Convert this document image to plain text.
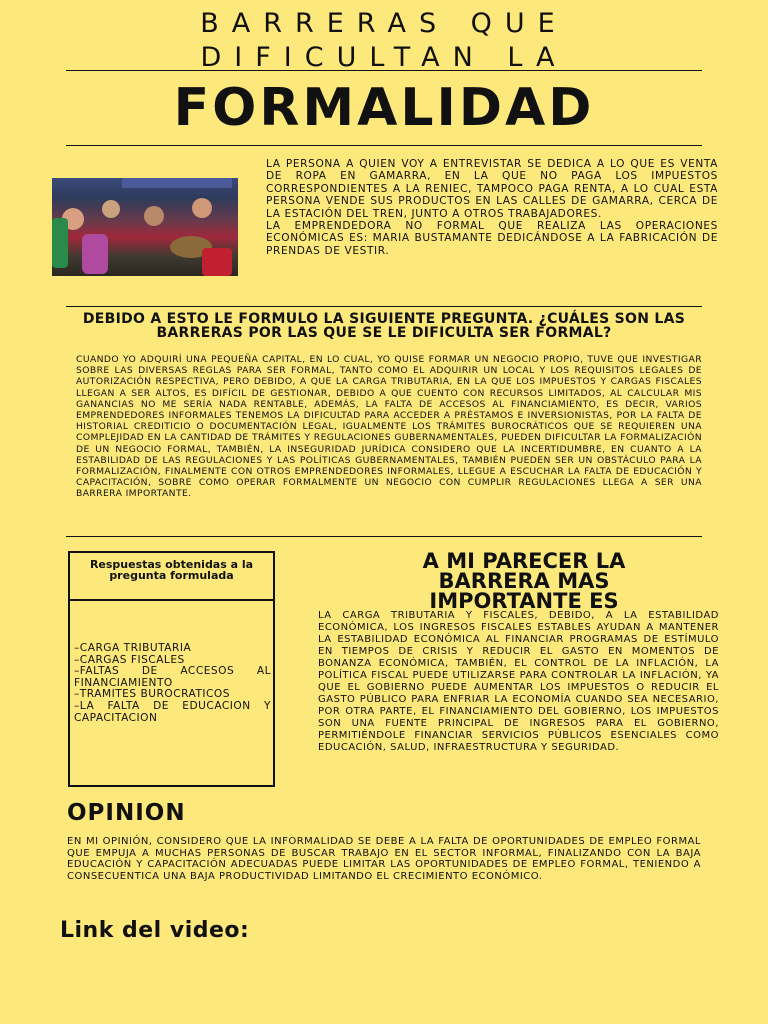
BARRERAS QUE
DIFICULTAN LA
FORMALIDAD

LA PERSONA A QUIEN VOY A ENTREVISTAR SE DEDICA A LO QUE ES VENTA DE ROPA EN GAMARRA, EN LA QUE NO PAGA LOS IMPUESTOS CORRESPONDIENTES A LA RENIEC, TAMPOCO PAGA RENTA, A LO CUAL ESTA PERSONA VENDE SUS PRODUCTOS EN LAS CALLES DE GAMARRA, CERCA DE LA ESTACIÓN DEL TREN, JUNTO A OTROS TRABAJADORES.

LA EMPRENDEDORA NO FORMAL QUE REALIZA LAS OPERACIONES ECONÓMICAS ES: MARIA BUSTAMANTE DEDICÁNDOSE A LA FABRICACIÓN DE PRENDAS DE VESTIR.

DEBIDO A ESTO LE FORMULO LA SIGUIENTE PREGUNTA. ¿CUÁLES SON LAS BARRERAS POR LAS QUE SE LE DIFICULTA SER FORMAL?
CUANDO YO ADQUIRÍ UNA PEQUEÑA CAPITAL, EN LO CUAL, YO QUISE FORMAR UN NEGOCIO PROPIO, TUVE QUE INVESTIGAR SOBRE LAS DIVERSAS REGLAS PARA SER FORMAL, TANTO COMO EL ADQUIRIR UN LOCAL Y LOS REQUISITOS LEGALES DE AUTORIZACIÓN RESPECTIVA, PERO DEBIDO, A QUE LA CARGA TRIBUTARIA, EN LA QUE LOS IMPUESTOS Y CARGAS FISCALES LLEGAN A SER ALTOS, ES DIFÍCIL DE GESTIONAR, DEBIDO A QUE CUENTO CON RECURSOS LIMITADOS, AL CALCULAR MIS GANANCIAS NO ME SERÍA NADA RENTABLE, ADEMÁS, LA FALTA DE ACCESOS AL FINANCIAMIENTO, ES DECIR, VARIOS EMPRENDEDORES INFORMALES TENEMOS LA DIFICULTAD PARA ACCEDER A PRÉSTAMOS E INVERSIONISTAS, POR LA FALTA DE HISTORIAL CREDITICIO O DOCUMENTACIÓN LEGAL, IGUALMENTE LOS TRÁMITES BUROCRÁTICOS QUE SE REQUIEREN UNA COMPLEJIDAD EN LA CANTIDAD DE TRÁMITES Y REGULACIONES GUBERNAMENTALES, PUEDEN DIFICULTAR LA FORMALIZACIÓN DE UN NEGOCIO FORMAL, TAMBIÉN, LA INSEGURIDAD JURÍDICA CONSIDERO QUE LA INCERTIDUMBRE, EN CUANTO A LA ESTABILIDAD DE LAS REGULACIONES Y LAS POLÍTICAS GUBERNAMENTALES, TAMBIÉN PUEDEN SER UN OBSTÁCULO PARA LA FORMALIZACIÓN, FINALMENTE CON OTROS EMPRENDEDORES INFORMALES, LLEGUE A ESCUCHAR LA FALTA DE EDUCACIÓN Y CAPACITACIÓN, SOBRE COMO OPERAR FORMALMENTE UN NEGOCIO CON CUMPLIR REGULACIONES LLEGA A SER UNA BARRERA IMPORTANTE.
Respuestas obtenidas a la pregunta formulada
–CARGA TRIBUTARIA
–CARGAS FISCALES
–FALTAS DE ACCESOS AL FINANCIAMIENTO
–TRAMITES BUROCRATICOS
–LA FALTA DE EDUCACION Y CAPACITACION
A MI PARECER LA BARRERA MAS IMPORTANTE ES
LA CARGA TRIBUTARIA Y FISCALES, DEBIDO, A LA ESTABILIDAD ECONÓMICA, LOS INGRESOS FISCALES ESTABLES AYUDAN A MANTENER LA ESTABILIDAD ECONÓMICA AL FINANCIAR PROGRAMAS DE ESTÍMULO EN TIEMPOS DE CRISIS Y REDUCIR EL GASTO EN MOMENTOS DE BONANZA ECONÓMICA, TAMBIÉN, EL CONTROL DE LA INFLACIÓN, LA POLÍTICA FISCAL PUEDE UTILIZARSE PARA CONTROLAR LA INFLACIÓN, YA QUE EL GOBIERNO PUEDE AUMENTAR LOS IMPUESTOS O REDUCIR EL GASTO PÚBLICO PARA ENFRIAR LA ECONOMÍA CUANDO SEA NECESARIO, POR OTRA PARTE, EL FINANCIAMIENTO DEL GOBIERNO, LOS IMPUESTOS SON UNA FUENTE PRINCIPAL DE INGRESOS PARA EL GOBIERNO, PERMITIÉNDOLE FINANCIAR SERVICIOS PÚBLICOS ESENCIALES COMO EDUCACIÓN, SALUD, INFRAESTRUCTURA Y SEGURIDAD.
OPINION
EN MI OPINIÓN, CONSIDERO QUE LA INFORMALIDAD SE DEBE A LA FALTA DE OPORTUNIDADES DE EMPLEO FORMAL QUE EMPUJA A MUCHAS PERSONAS DE BUSCAR TRABAJO EN EL SECTOR INFORMAL, FINALIZANDO CON LA BAJA EDUCACIÓN Y CAPACITACIÓN ADECUADAS PUEDE LIMITAR LAS OPORTUNIDADES DE EMPLEO FORMAL, TENIENDO A CONSECUENTICA UNA BAJA PRODUCTIVIDAD LIMITANDO EL CRECIMIENTO ECONÓMICO.
Link del video:
